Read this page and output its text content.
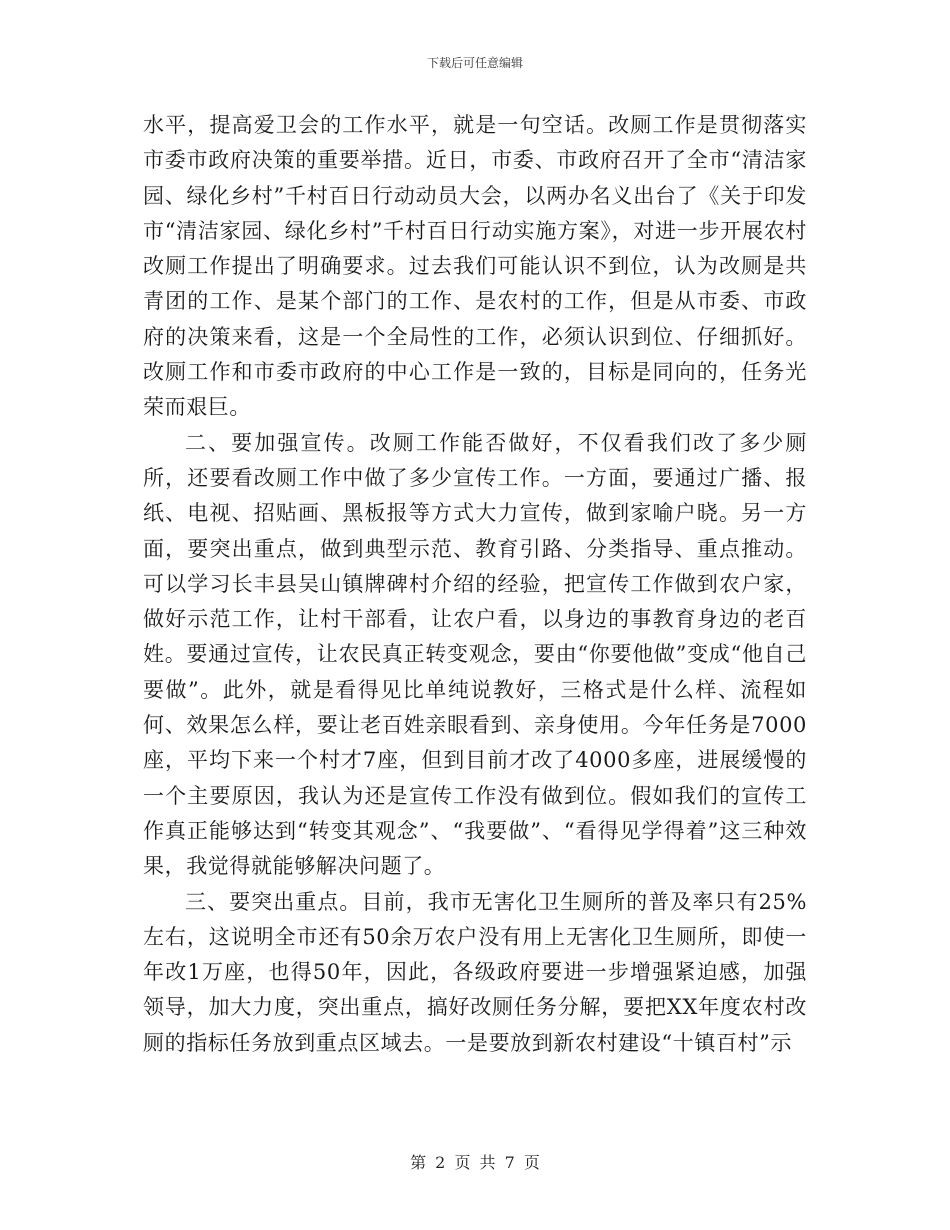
下载后可任意编辑

水平，提高爱卫会的工作水平，就是一句空话。改厕工作是贯彻落实市委市政府决策的重要举措。近日，市委、市政府召开了全市“清洁家园、绿化乡村”千村百日行动动员大会，以两办名义出台了《关于印发市“清洁家园、绿化乡村”千村百日行动实施方案》，对进一步开展农村改厕工作提出了明确要求。过去我们可能认识不到位，认为改厕是共青团的工作、是某个部门的工作、是农村的工作，但是从市委、市政府的决策来看，这是一个全局性的工作，必须认识到位、仔细抓好。改厕工作和市委市政府的中心工作是一致的，目标是同向的，任务光荣而艰巨。

二、要加强宣传。改厕工作能否做好，不仅看我们改了多少厕所，还要看改厕工作中做了多少宣传工作。一方面，要通过广播、报纸、电视、招贴画、黑板报等方式大力宣传，做到家喻户晓。另一方面，要突出重点，做到典型示范、教育引路、分类指导、重点推动。可以学习长丰县吴山镇牌碑村介绍的经验，把宣传工作做到农户家，做好示范工作，让村干部看，让农户看，以身边的事教育身边的老百姓。要通过宣传，让农民真正转变观念，要由“你要他做”变成“他自己要做”。此外，就是看得见比单纯说教好，三格式是什么样、流程如何、效果怎么样，要让老百姓亲眼看到、亲身使用。今年任务是7000座，平均下来一个村才7座，但到目前才改了4000多座，进展缓慢的一个主要原因，我认为还是宣传工作没有做到位。假如我们的宣传工作真正能够达到“转变其观念”、“我要做”、“看得见学得着”这三种效果，我觉得就能够解决问题了。

三、要突出重点。目前，我市无害化卫生厕所的普及率只有25%左右，这说明全市还有50余万农户没有用上无害化卫生厕所，即使一年改1万座，也得50年，因此，各级政府要进一步增强紧迫感，加强领导，加大力度，突出重点，搞好改厕任务分解，要把XX年度农村改厕的指标任务放到重点区域去。一是要放到新农村建设“十镇百村”示

第 2 页 共 7 页
